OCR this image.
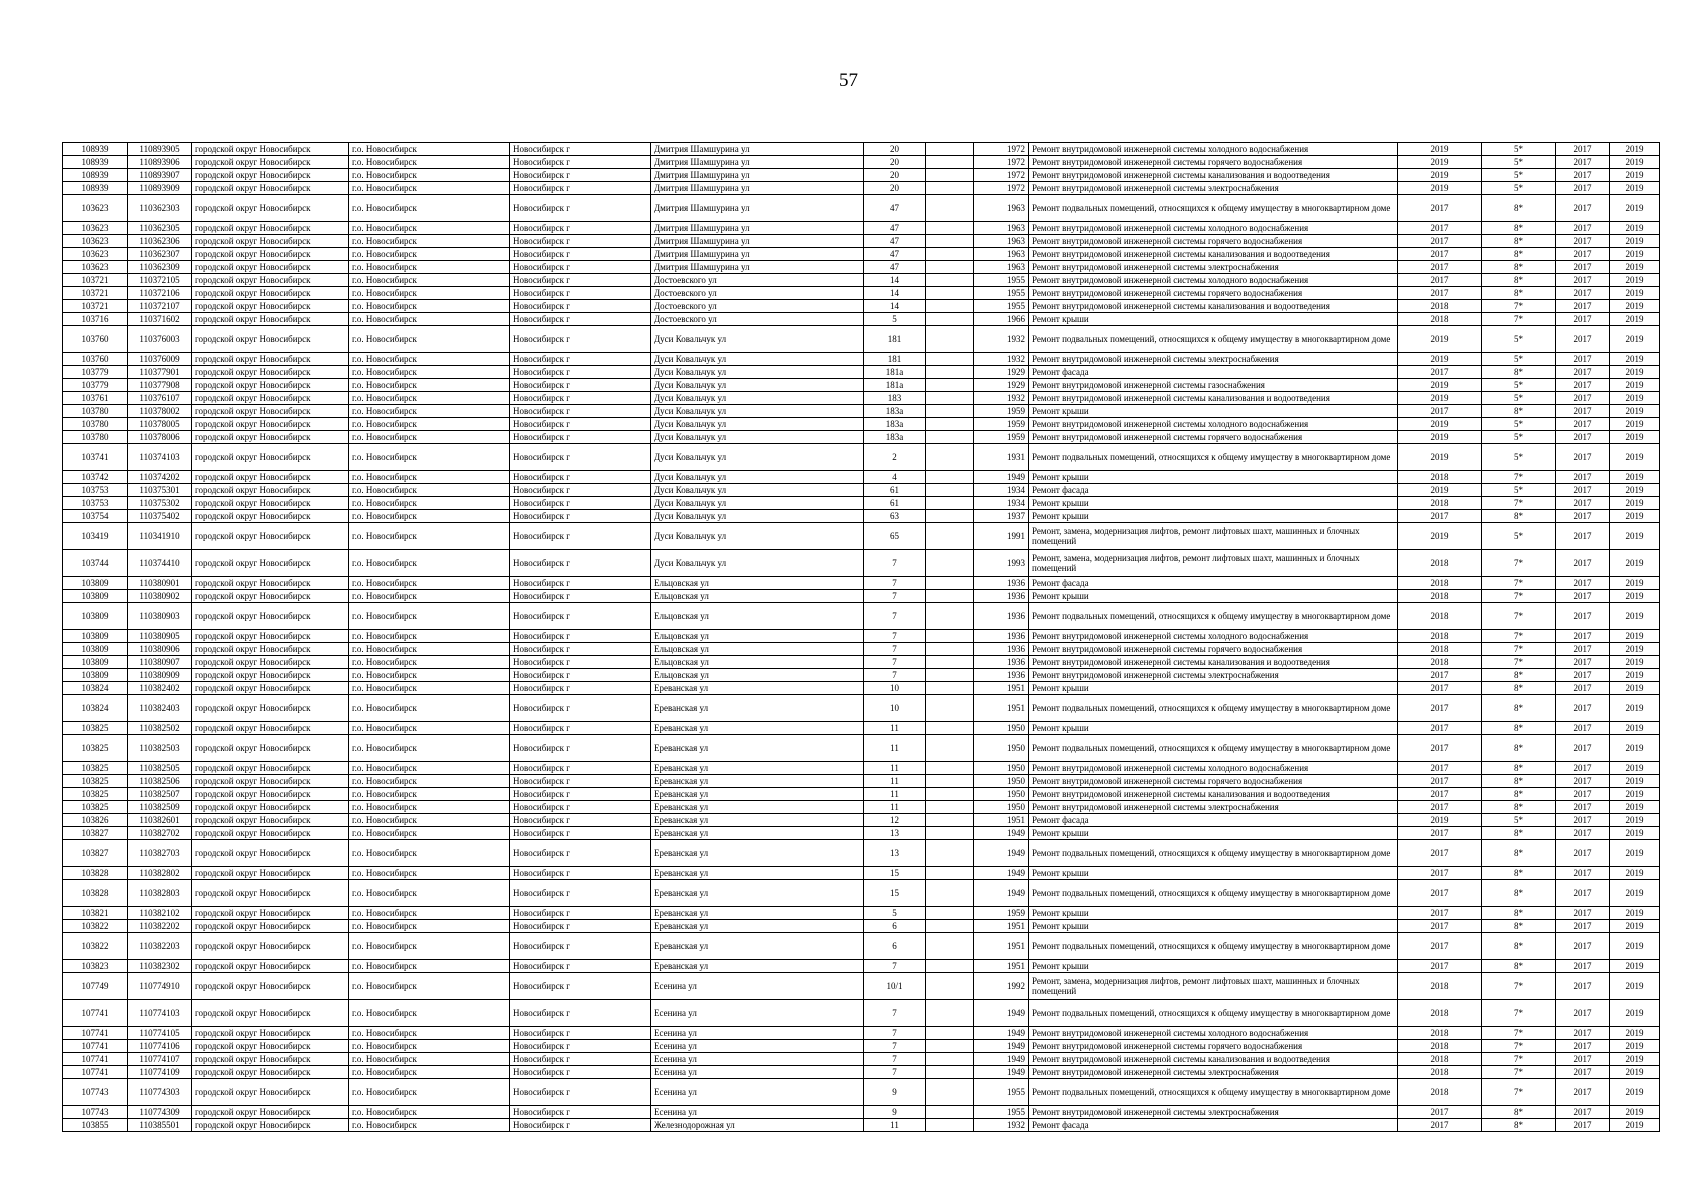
57
108939	110893905	городской округ Новосибирск	г.о. Новосибирск	Новосибирск г	Дмитрия Шамшурина ул	20		1972	Ремонт внутридомовой инженерной системы холодного водоснабжения	2019	5*	2017	2019
108939	110893906	городской округ Новосибирск	г.о. Новосибирск	Новосибирск г	Дмитрия Шамшурина ул	20		1972	Ремонт внутридомовой инженерной системы горячего водоснабжения	2019	5*	2017	2019
108939	110893907	городской округ Новосибирск	г.о. Новосибирск	Новосибирск г	Дмитрия Шамшурина ул	20		1972	Ремонт внутридомовой инженерной системы канализования и водоотведения	2019	5*	2017	2019
108939	110893909	городской округ Новосибирск	г.о. Новосибирск	Новосибирск г	Дмитрия Шамшурина ул	20		1972	Ремонт внутридомовой инженерной системы электроснабжения	2019	5*	2017	2019
103623	110362303	городской округ Новосибирск	г.о. Новосибирск	Новосибирск г	Дмитрия Шамшурина ул	47		1963	Ремонт подвальных помещений, относящихся к общему имуществу в многоквартирном доме	2017	8*	2017	2019
103623	110362305	городской округ Новосибирск	г.о. Новосибирск	Новосибирск г	Дмитрия Шамшурина ул	47		1963	Ремонт внутридомовой инженерной системы холодного водоснабжения	2017	8*	2017	2019
103623	110362306	городской округ Новосибирск	г.о. Новосибирск	Новосибирск г	Дмитрия Шамшурина ул	47		1963	Ремонт внутридомовой инженерной системы горячего водоснабжения	2017	8*	2017	2019
103623	110362307	городской округ Новосибирск	г.о. Новосибирск	Новосибирск г	Дмитрия Шамшурина ул	47		1963	Ремонт внутридомовой инженерной системы канализования и водоотведения	2017	8*	2017	2019
103623	110362309	городской округ Новосибирск	г.о. Новосибирск	Новосибирск г	Дмитрия Шамшурина ул	47		1963	Ремонт внутридомовой инженерной системы электроснабжения	2017	8*	2017	2019
103721	110372105	городской округ Новосибирск	г.о. Новосибирск	Новосибирск г	Достоевского ул	14		1955	Ремонт внутридомовой инженерной системы холодного водоснабжения	2017	8*	2017	2019
103721	110372106	городской округ Новосибирск	г.о. Новосибирск	Новосибирск г	Достоевского ул	14		1955	Ремонт внутридомовой инженерной системы горячего водоснабжения	2017	8*	2017	2019
103721	110372107	городской округ Новосибирск	г.о. Новосибирск	Новосибирск г	Достоевского ул	14		1955	Ремонт внутридомовой инженерной системы канализования и водоотведения	2018	7*	2017	2019
103716	110371602	городской округ Новосибирск	г.о. Новосибирск	Новосибирск г	Достоевского ул	5		1966	Ремонт крыши	2018	7*	2017	2019
103760	110376003	городской округ Новосибирск	г.о. Новосибирск	Новосибирск г	Дуси Ковальчук ул	181		1932	Ремонт подвальных помещений, относящихся к общему имуществу в многоквартирном доме	2019	5*	2017	2019
103760	110376009	городской округ Новосибирск	г.о. Новосибирск	Новосибирск г	Дуси Ковальчук ул	181		1932	Ремонт внутридомовой инженерной системы электроснабжения	2019	5*	2017	2019
103779	110377901	городской округ Новосибирск	г.о. Новосибирск	Новосибирск г	Дуси Ковальчук ул	181а		1929	Ремонт фасада	2017	8*	2017	2019
103779	110377908	городской округ Новосибирск	г.о. Новосибирск	Новосибирск г	Дуси Ковальчук ул	181а		1929	Ремонт внутридомовой инженерной системы газоснабжения	2019	5*	2017	2019
103761	110376107	городской округ Новосибирск	г.о. Новосибирск	Новосибирск г	Дуси Ковальчук ул	183		1932	Ремонт внутридомовой инженерной системы канализования и водоотведения	2019	5*	2017	2019
103780	110378002	городской округ Новосибирск	г.о. Новосибирск	Новосибирск г	Дуси Ковальчук ул	183а		1959	Ремонт крыши	2017	8*	2017	2019
103780	110378005	городской округ Новосибирск	г.о. Новосибирск	Новосибирск г	Дуси Ковальчук ул	183а		1959	Ремонт внутридомовой инженерной системы холодного водоснабжения	2019	5*	2017	2019
103780	110378006	городской округ Новосибирск	г.о. Новосибирск	Новосибирск г	Дуси Ковальчук ул	183а		1959	Ремонт внутридомовой инженерной системы горячего водоснабжения	2019	5*	2017	2019
103741	110374103	городской округ Новосибирск	г.о. Новосибирск	Новосибирск г	Дуси Ковальчук ул	2		1931	Ремонт подвальных помещений, относящихся к общему имуществу в многоквартирном доме	2019	5*	2017	2019
103742	110374202	городской округ Новосибирск	г.о. Новосибирск	Новосибирск г	Дуси Ковальчук ул	4		1949	Ремонт крыши	2018	7*	2017	2019
103753	110375301	городской округ Новосибирск	г.о. Новосибирск	Новосибирск г	Дуси Ковальчук ул	61		1934	Ремонт фасада	2019	5*	2017	2019
103753	110375302	городской округ Новосибирск	г.о. Новосибирск	Новосибирск г	Дуси Ковальчук ул	61		1934	Ремонт крыши	2018	7*	2017	2019
103754	110375402	городской округ Новосибирск	г.о. Новосибирск	Новосибирск г	Дуси Ковальчук ул	63		1937	Ремонт крыши	2017	8*	2017	2019
103419	110341910	городской округ Новосибирск	г.о. Новосибирск	Новосибирск г	Дуси Ковальчук ул	65		1991	Ремонт, замена, модернизация лифтов, ремонт лифтовых шахт, машинных и блочных помещений	2019	5*	2017	2019
103744	110374410	городской округ Новосибирск	г.о. Новосибирск	Новосибирск г	Дуси Ковальчук ул	7		1993	Ремонт, замена, модернизация лифтов, ремонт лифтовых шахт, машинных и блочных помещений	2018	7*	2017	2019
103809	110380901	городской округ Новосибирск	г.о. Новосибирск	Новосибирск г	Ельцовская ул	7		1936	Ремонт фасада	2018	7*	2017	2019
103809	110380902	городской округ Новосибирск	г.о. Новосибирск	Новосибирск г	Ельцовская ул	7		1936	Ремонт крыши	2018	7*	2017	2019
103809	110380903	городской округ Новосибирск	г.о. Новосибирск	Новосибирск г	Ельцовская ул	7		1936	Ремонт подвальных помещений, относящихся к общему имуществу в многоквартирном доме	2018	7*	2017	2019
103809	110380905	городской округ Новосибирск	г.о. Новосибирск	Новосибирск г	Ельцовская ул	7		1936	Ремонт внутридомовой инженерной системы холодного водоснабжения	2018	7*	2017	2019
103809	110380906	городской округ Новосибирск	г.о. Новосибирск	Новосибирск г	Ельцовская ул	7		1936	Ремонт внутридомовой инженерной системы горячего водоснабжения	2018	7*	2017	2019
103809	110380907	городской округ Новосибирск	г.о. Новосибирск	Новосибирск г	Ельцовская ул	7		1936	Ремонт внутридомовой инженерной системы канализования и водоотведения	2018	7*	2017	2019
103809	110380909	городской округ Новосибирск	г.о. Новосибирск	Новосибирск г	Ельцовская ул	7		1936	Ремонт внутридомовой инженерной системы электроснабжения	2017	8*	2017	2019
103824	110382402	городской округ Новосибирск	г.о. Новосибирск	Новосибирск г	Ереванская ул	10		1951	Ремонт крыши	2017	8*	2017	2019
103824	110382403	городской округ Новосибирск	г.о. Новосибирск	Новосибирск г	Ереванская ул	10		1951	Ремонт подвальных помещений, относящихся к общему имуществу в многоквартирном доме	2017	8*	2017	2019
103825	110382502	городской округ Новосибирск	г.о. Новосибирск	Новосибирск г	Ереванская ул	11		1950	Ремонт крыши	2017	8*	2017	2019
103825	110382503	городской округ Новосибирск	г.о. Новосибирск	Новосибирск г	Ереванская ул	11		1950	Ремонт подвальных помещений, относящихся к общему имуществу в многоквартирном доме	2017	8*	2017	2019
103825	110382505	городской округ Новосибирск	г.о. Новосибирск	Новосибирск г	Ереванская ул	11		1950	Ремонт внутридомовой инженерной системы холодного водоснабжения	2017	8*	2017	2019
103825	110382506	городской округ Новосибирск	г.о. Новосибирск	Новосибирск г	Ереванская ул	11		1950	Ремонт внутридомовой инженерной системы горячего водоснабжения	2017	8*	2017	2019
103825	110382507	городской округ Новосибирск	г.о. Новосибирск	Новосибирск г	Ереванская ул	11		1950	Ремонт внутридомовой инженерной системы канализования и водоотведения	2017	8*	2017	2019
103825	110382509	городской округ Новосибирск	г.о. Новосибирск	Новосибирск г	Ереванская ул	11		1950	Ремонт внутридомовой инженерной системы электроснабжения	2017	8*	2017	2019
103826	110382601	городской округ Новосибирск	г.о. Новосибирск	Новосибирск г	Ереванская ул	12		1951	Ремонт фасада	2019	5*	2017	2019
103827	110382702	городской округ Новосибирск	г.о. Новосибирск	Новосибирск г	Ереванская ул	13		1949	Ремонт крыши	2017	8*	2017	2019
103827	110382703	городской округ Новосибирск	г.о. Новосибирск	Новосибирск г	Ереванская ул	13		1949	Ремонт подвальных помещений, относящихся к общему имуществу в многоквартирном доме	2017	8*	2017	2019
103828	110382802	городской округ Новосибирск	г.о. Новосибирск	Новосибирск г	Ереванская ул	15		1949	Ремонт крыши	2017	8*	2017	2019
103828	110382803	городской округ Новосибирск	г.о. Новосибирск	Новосибирск г	Ереванская ул	15		1949	Ремонт подвальных помещений, относящихся к общему имуществу в многоквартирном доме	2017	8*	2017	2019
103821	110382102	городской округ Новосибирск	г.о. Новосибирск	Новосибирск г	Ереванская ул	5		1959	Ремонт крыши	2017	8*	2017	2019
103822	110382202	городской округ Новосибирск	г.о. Новосибирск	Новосибирск г	Ереванская ул	6		1951	Ремонт крыши	2017	8*	2017	2019
103822	110382203	городской округ Новосибирск	г.о. Новосибирск	Новосибирск г	Ереванская ул	6		1951	Ремонт подвальных помещений, относящихся к общему имуществу в многоквартирном доме	2017	8*	2017	2019
103823	110382302	городской округ Новосибирск	г.о. Новосибирск	Новосибирск г	Ереванская ул	7		1951	Ремонт крыши	2017	8*	2017	2019
107749	110774910	городской округ Новосибирск	г.о. Новосибирск	Новосибирск г	Есенина ул	10/1		1992	Ремонт, замена, модернизация лифтов, ремонт лифтовых шахт, машинных и блочных помещений	2018	7*	2017	2019
107741	110774103	городской округ Новосибирск	г.о. Новосибирск	Новосибирск г	Есенина ул	7		1949	Ремонт подвальных помещений, относящихся к общему имуществу в многоквартирном доме	2018	7*	2017	2019
107741	110774105	городской округ Новосибирск	г.о. Новосибирск	Новосибирск г	Есенина ул	7		1949	Ремонт внутридомовой инженерной системы холодного водоснабжения	2018	7*	2017	2019
107741	110774106	городской округ Новосибирск	г.о. Новосибирск	Новосибирск г	Есенина ул	7		1949	Ремонт внутридомовой инженерной системы горячего водоснабжения	2018	7*	2017	2019
107741	110774107	городской округ Новосибирск	г.о. Новосибирск	Новосибирск г	Есенина ул	7		1949	Ремонт внутридомовой инженерной системы канализования и водоотведения	2018	7*	2017	2019
107741	110774109	городской округ Новосибирск	г.о. Новосибирск	Новосибирск г	Есенина ул	7		1949	Ремонт внутридомовой инженерной системы электроснабжения	2018	7*	2017	2019
107743	110774303	городской округ Новосибирск	г.о. Новосибирск	Новосибирск г	Есенина ул	9		1955	Ремонт подвальных помещений, относящихся к общему имуществу в многоквартирном доме	2018	7*	2017	2019
107743	110774309	городской округ Новосибирск	г.о. Новосибирск	Новосибирск г	Есенина ул	9		1955	Ремонт внутридомовой инженерной системы электроснабжения	2017	8*	2017	2019
103855	110385501	городской округ Новосибирск	г.о. Новосибирск	Новосибирск г	Железнодорожная ул	11		1932	Ремонт фасада	2017	8*	2017	2019
